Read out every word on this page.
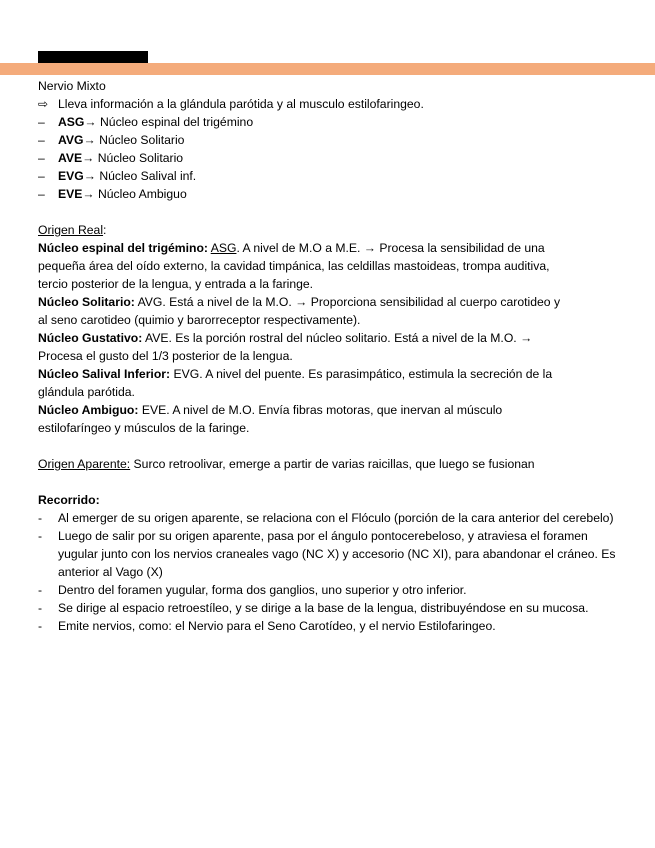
Nervio Mixto
⇨ Lleva información a la glándula parótida y al musculo estilofaringeo.
–	ASG→ Núcleo espinal del trigémino
–	AVG→ Núcleo Solitario
–	AVE→ Núcleo Solitario
–	EVG→ Núcleo Salival inf.
–	EVE→ Núcleo Ambiguo
Origen Real:

Núcleo espinal del trigémino: ASG. A nivel de M.O a M.E. → Procesa la sensibilidad de una
pequeña área del oído externo, la cavidad timpánica, las celdillas mastoideas, trompa auditiva,
tercio posterior de la lengua, y entrada a la faringe.

Núcleo Solitario: AVG. Está a nivel de la M.O. → Proporciona sensibilidad al cuerpo carotideo y
al seno carotideo (quimio y barorreceptor respectivamente).

Núcleo Gustativo: AVE. Es la porción rostral del núcleo solitario. Está a nivel de la M.O. →
Procesa el gusto del 1/3 posterior de la lengua.

Núcleo Salival Inferior: EVG. A nivel del puente. Es parasimpático, estimula la secreción de la
glándula parótida.

Núcleo Ambiguo: EVE. A nivel de M.O. Envía fibras motoras, que inervan al músculo
estilofaríngeo y músculos de la faringe.

Origen Aparente: Surco retroolivar, emerge a partir de varias raicillas, que luego se fusionan
Recorrido:
-	Al emerger de su origen aparente, se relaciona con el Flóculo (porción de la cara anterior del cerebelo)
-	Luego de salir por su origen aparente, pasa por el ángulo pontocerebeloso, y atraviesa el foramen yugular junto con los nervios craneales vago (NC X) y accesorio (NC XI), para abandonar el cráneo. Es anterior al Vago (X)
-	Dentro del foramen yugular, forma dos ganglios, uno superior y otro inferior.
-	Se dirige al espacio retroestíleo, y se dirige a la base de la lengua, distribuyéndose en su mucosa.
-	Emite nervios, como: el Nervio para el Seno Carotídeo, y el nervio Estilofaringeo.
